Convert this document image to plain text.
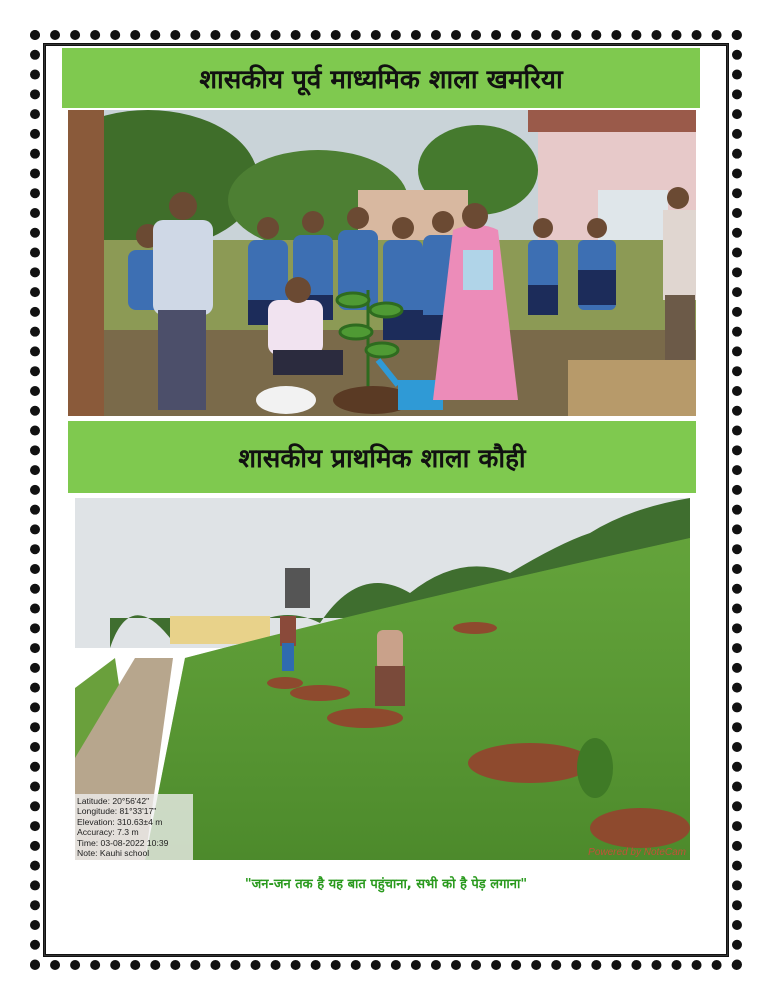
शासकीय पूर्व माध्यमिक शाला खमरिया
शासकीय प्राथमिक शाला कौही
Latitude: 20°56'42"
Longitude: 81°33'17"
Elevation: 310.63±4 m
Accuracy: 7.3 m
Time: 03-08-2022 10:39
Note: Kauhi school	Powered by NoteCam
"जन-जन तक है यह बात पहुंचाना, सभी को है पेड़ लगाना"
